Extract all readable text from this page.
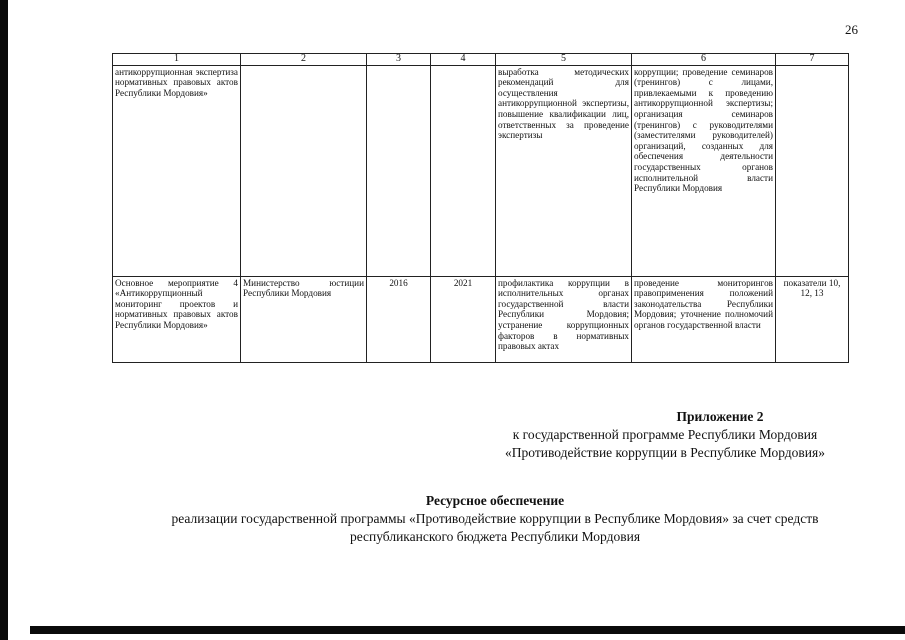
26
1	2	3	4	5	6	7
антикоррупционная экспертиза нормативных правовых актов Республики Мордовия»				выработка методических рекомендаций для осуществления антикоррупционной экспертизы, повышение квалификации лиц, ответственных за проведение экспертизы	коррупции; проведение семинаров (тренингов) с лицами, привлекаемыми к проведению антикоррупционной экспертизы; организация семинаров (тренингов) с руководителями (заместителями руководителей) организаций, созданных для обеспечения деятельности государственных органов исполнительной власти Республики Мордовия	
Основное мероприятие 4 «Антикоррупционный мониторинг проектов и нормативных правовых актов Республики Мордовия»	Министерство юстиции Республики Мордовия	2016	2021	профилактика коррупции в исполнительных органах государственной власти Республики Мордовия; устранение коррупционных факторов в нормативных правовых актах	проведение мониторингов правоприменения положений законодательства Республики Мордовия; уточнение полномочий органов государственной власти	показатели 10, 12, 13
Приложение 2
к государственной программе Республики Мордовия
«Противодействие коррупции в Республике Мордовия»
Ресурсное обеспечение
реализации государственной программы «Противодействие коррупции в Республике Мордовия» за счет средств
республиканского бюджета Республики Мордовия
